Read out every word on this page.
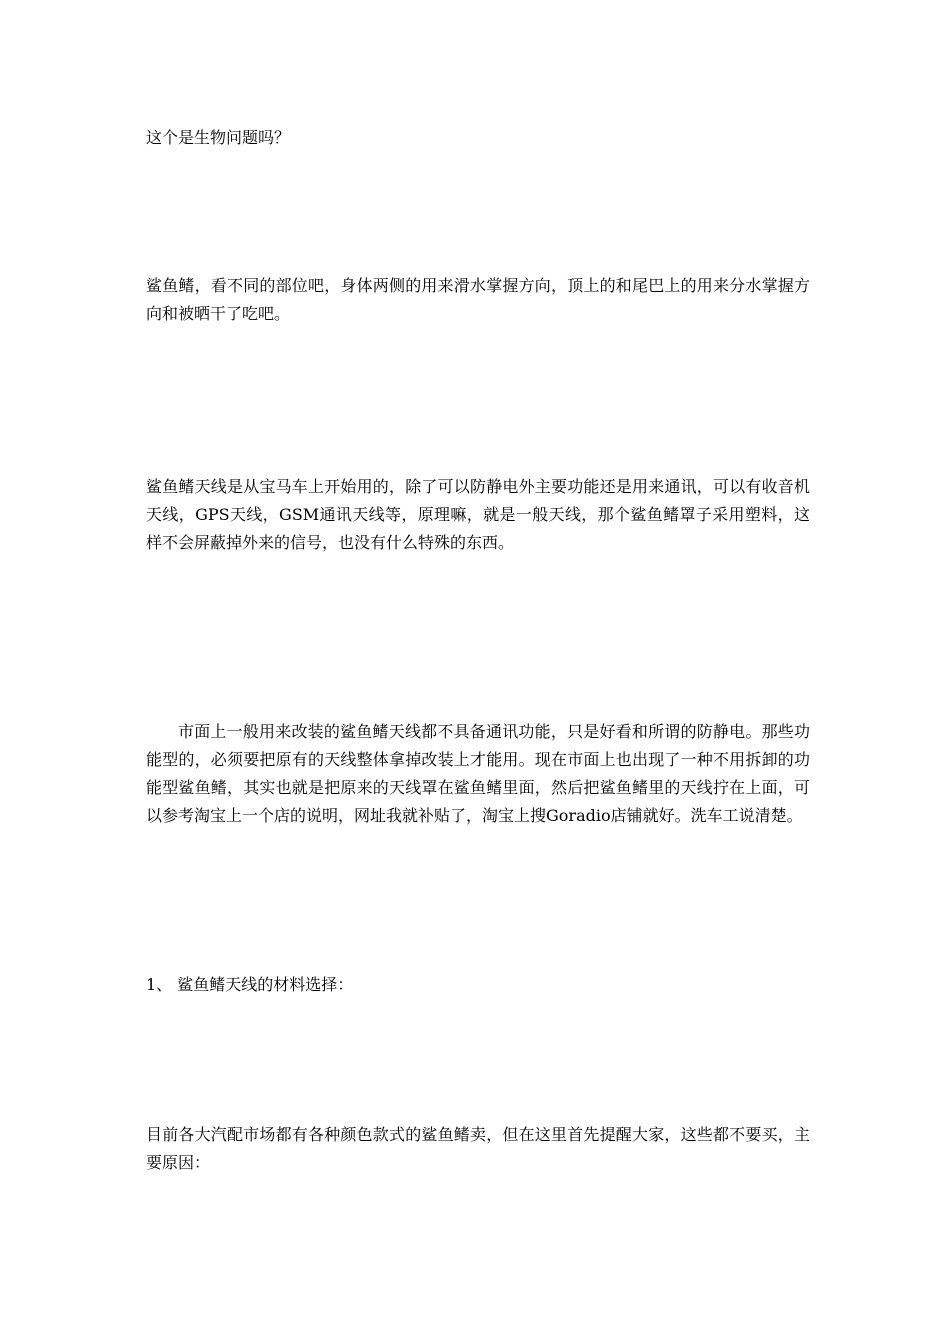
这个是生物问题吗？

鲨鱼鳍，看不同的部位吧，身体两侧的用来滑水掌握方向，顶上的和尾巴上的用来分水掌握方向和被晒干了吃吧。

鲨鱼鳍天线是从宝马车上开始用的，除了可以防静电外主要功能还是用来通讯，可以有收音机天线，GPS天线，GSM通讯天线等，原理嘛，就是一般天线，那个鲨鱼鳍罩子采用塑料，这样不会屏蔽掉外来的信号，也没有什么特殊的东西。

市面上一般用来改装的鲨鱼鳍天线都不具备通讯功能，只是好看和所谓的防静电。那些功能型的，必须要把原有的天线整体拿掉改装上才能用。现在市面上也出现了一种不用拆卸的功能型鲨鱼鳍，其实也就是把原来的天线罩在鲨鱼鳍里面，然后把鲨鱼鳍里的天线拧在上面，可以参考淘宝上一个店的说明，网址我就补贴了，淘宝上搜Goradio店铺就好。洗车工说清楚。

1、 鲨鱼鳍天线的材料选择：

目前各大汽配市场都有各种颜色款式的鲨鱼鳍卖，但在这里首先提醒大家，这些都不要买，主要原因：
